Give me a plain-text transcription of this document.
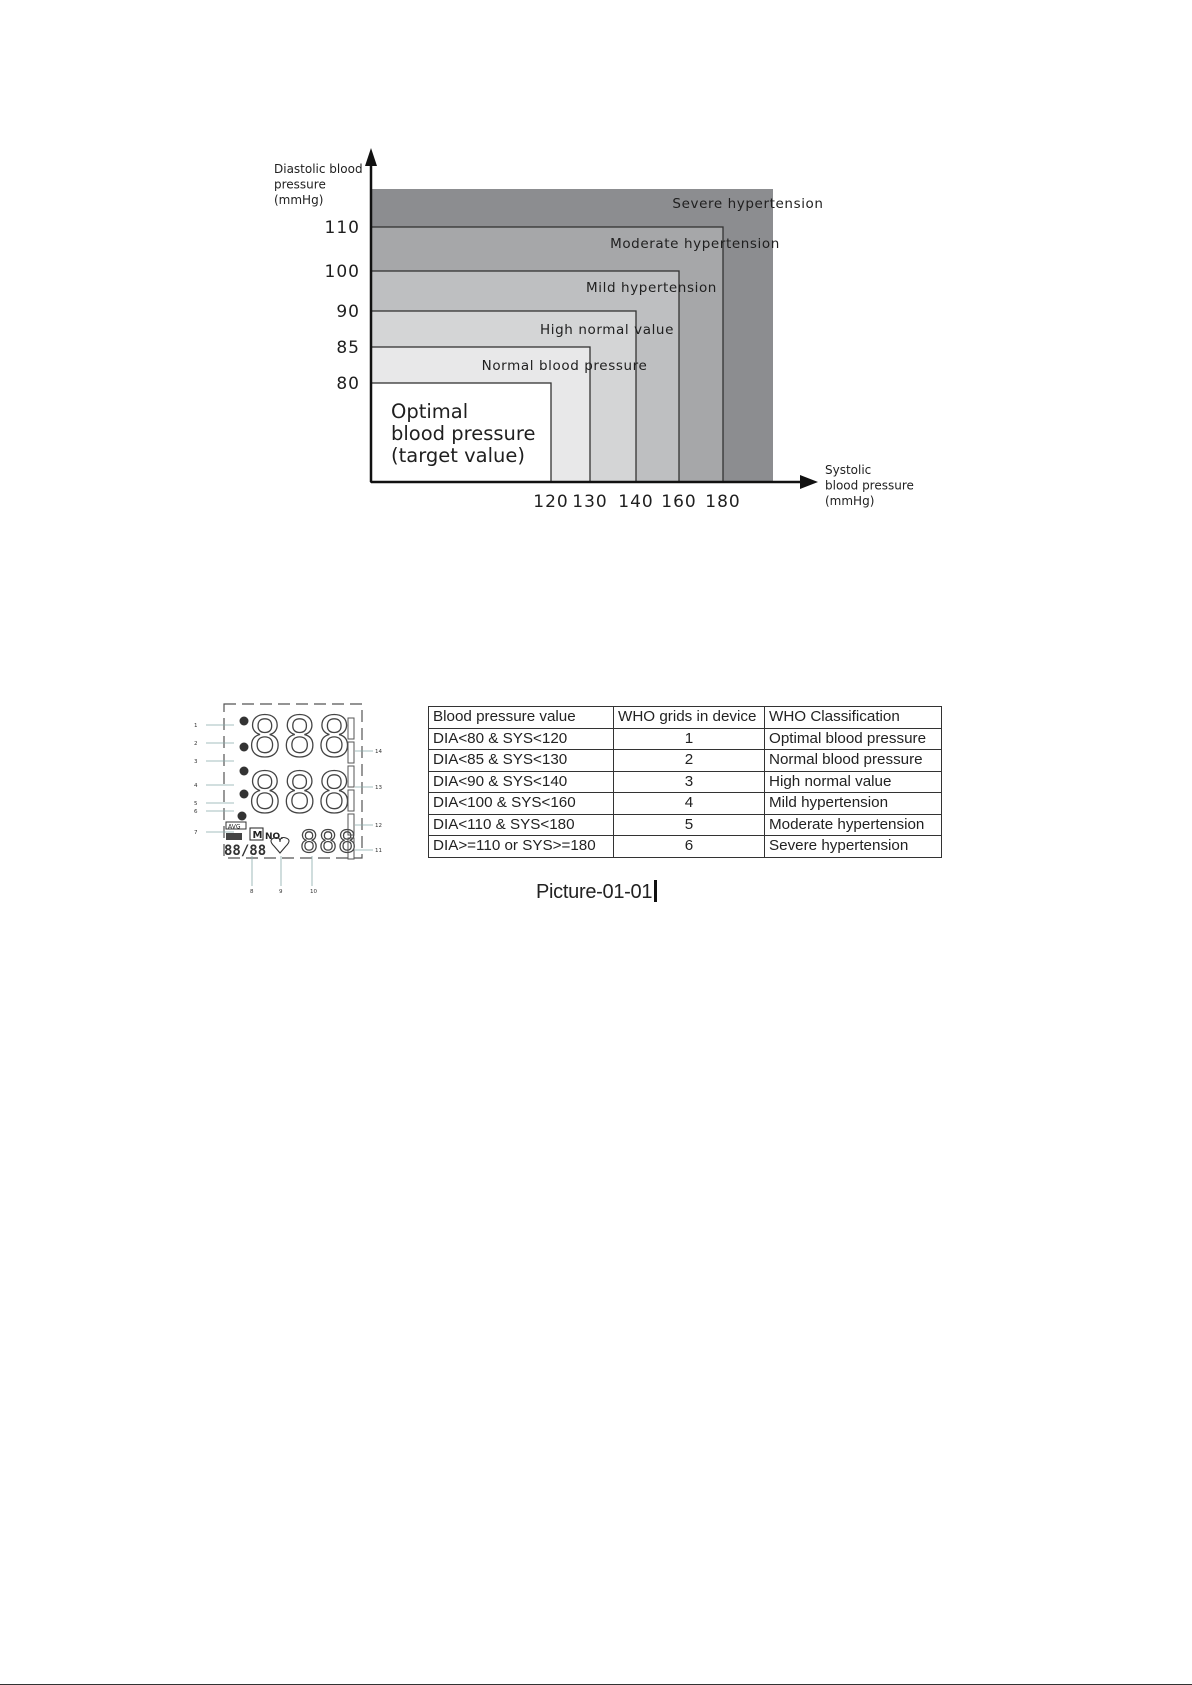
Severe hypertension
Moderate hypertension
Mild hypertension
High normal value
Normal blood pressure
Optimal
blood pressure
(target value)
80
85
90
100
110
120 130 140 160 180
Diastolic blood
pressure
(mmHg)
Systolic
blood pressure
(mmHg)
888
888
888
AVG
M NO.
88/88
1
2
3
4
5
6
7
8	9	10
11
12
13
14
Blood pressure value	WHO grids in device	WHO Classification
DIA<80 & SYS<120	1	Optimal blood pressure
DIA<85 & SYS<130	2	Normal blood pressure
DIA<90 & SYS<140	3	High normal value
DIA<100 & SYS<160	4	Mild hypertension
DIA<110 & SYS<180	5	Moderate hypertension
DIA>=110 or SYS>=180	6	Severe hypertension
Picture-01-01
